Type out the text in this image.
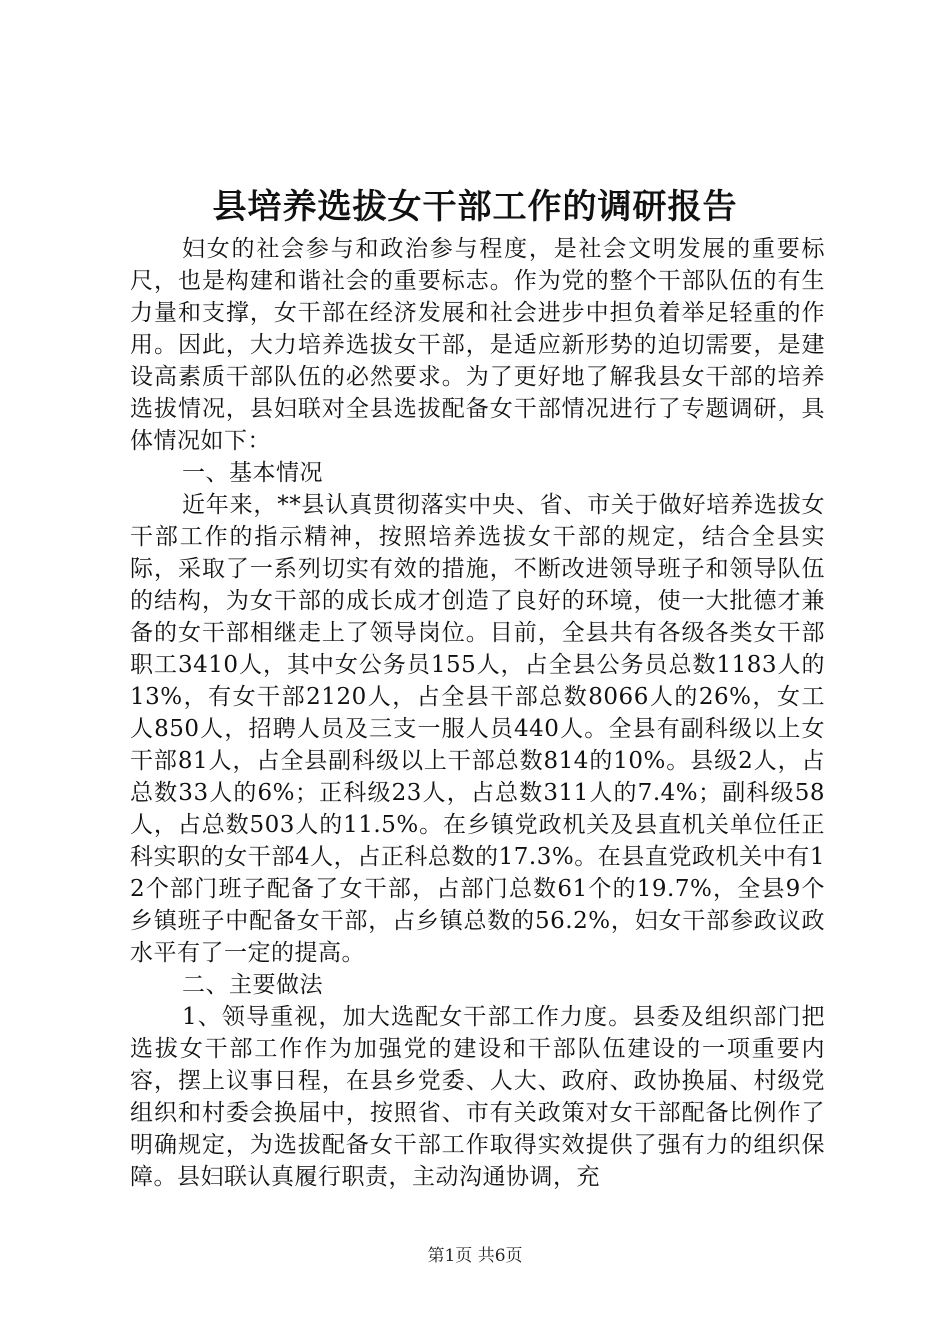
县培养选拔女干部工作的调研报告

妇女的社会参与和政治参与程度，是社会文明发展的重要标尺，也是构建和谐社会的重要标志。作为党的整个干部队伍的有生力量和支撑，女干部在经济发展和社会进步中担负着举足轻重的作用。因此，大力培养选拔女干部，是适应新形势的迫切需要，是建设高素质干部队伍的必然要求。为了更好地了解我县女干部的培养选拔情况，县妇联对全县选拔配备女干部情况进行了专题调研，具体情况如下：

一、基本情况

近年来，**县认真贯彻落实中央、省、市关于做好培养选拔女干部工作的指示精神，按照培养选拔女干部的规定，结合全县实际，采取了一系列切实有效的措施，不断改进领导班子和领导队伍的结构，为女干部的成长成才创造了良好的环境，使一大批德才兼备的女干部相继走上了领导岗位。目前，全县共有各级各类女干部职工3410人，其中女公务员155人，占全县公务员总数1183人的13%，有女干部2120人，占全县干部总数8066人的26%，女工人850人，招聘人员及三支一服人员440人。全县有副科级以上女干部81人，占全县副科级以上干部总数814的10%。县级2人，占总数33人的6%；正科级23人，占总数311人的7.4%；副科级58人，占总数503人的11.5%。在乡镇党政机关及县直机关单位任正科实职的女干部4人，占正科总数的17.3%。在县直党政机关中有12个部门班子配备了女干部，占部门总数61个的19.7%，全县9个乡镇班子中配备女干部，占乡镇总数的56.2%，妇女干部参政议政水平有了一定的提高。

二、主要做法

1、领导重视，加大选配女干部工作力度。县委及组织部门把选拔女干部工作作为加强党的建设和干部队伍建设的一项重要内容，摆上议事日程，在县乡党委、人大、政府、政协换届、村级党组织和村委会换届中，按照省、市有关政策对女干部配备比例作了明确规定，为选拔配备女干部工作取得实效提供了强有力的组织保障。县妇联认真履行职责，主动沟通协调，充

第1页 共6页
